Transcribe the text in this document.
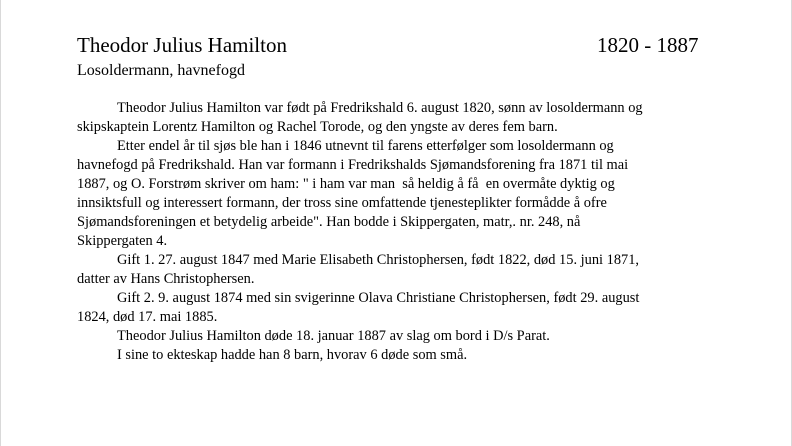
Theodor Julius Hamilton	1820 - 1887
Losoldermann, havnefogd
Theodor Julius Hamilton var født på Fredrikshald 6. august 1820, sønn av losoldermann og
skipskaptein Lorentz Hamilton og Rachel Torode, og den yngste av deres fem barn.
Etter endel år til sjøs ble han i 1846 utnevnt til farens etterfølger som losoldermann og
havnefogd på Fredrikshald. Han var formann i Fredrikshalds Sjømandsforening fra 1871 til mai
1887, og O. Forstrøm skriver om ham: " i ham var man  så heldig å få  en overmåte dyktig og
innsiktsfull og interessert formann, der tross sine omfattende tjenesteplikter formådde å ofre
Sjømandsforeningen et betydelig arbeide". Han bodde i Skippergaten, matr,. nr. 248, nå
Skippergaten 4.
Gift 1. 27. august 1847 med Marie Elisabeth Christophersen, født 1822, død 15. juni 1871,
datter av Hans Christophersen.
Gift 2. 9. august 1874 med sin svigerinne Olava Christiane Christophersen, født 29. august
1824, død 17. mai 1885.
Theodor Julius Hamilton døde 18. januar 1887 av slag om bord i D/s Parat.
I sine to ekteskap hadde han 8 barn, hvorav 6 døde som små.
